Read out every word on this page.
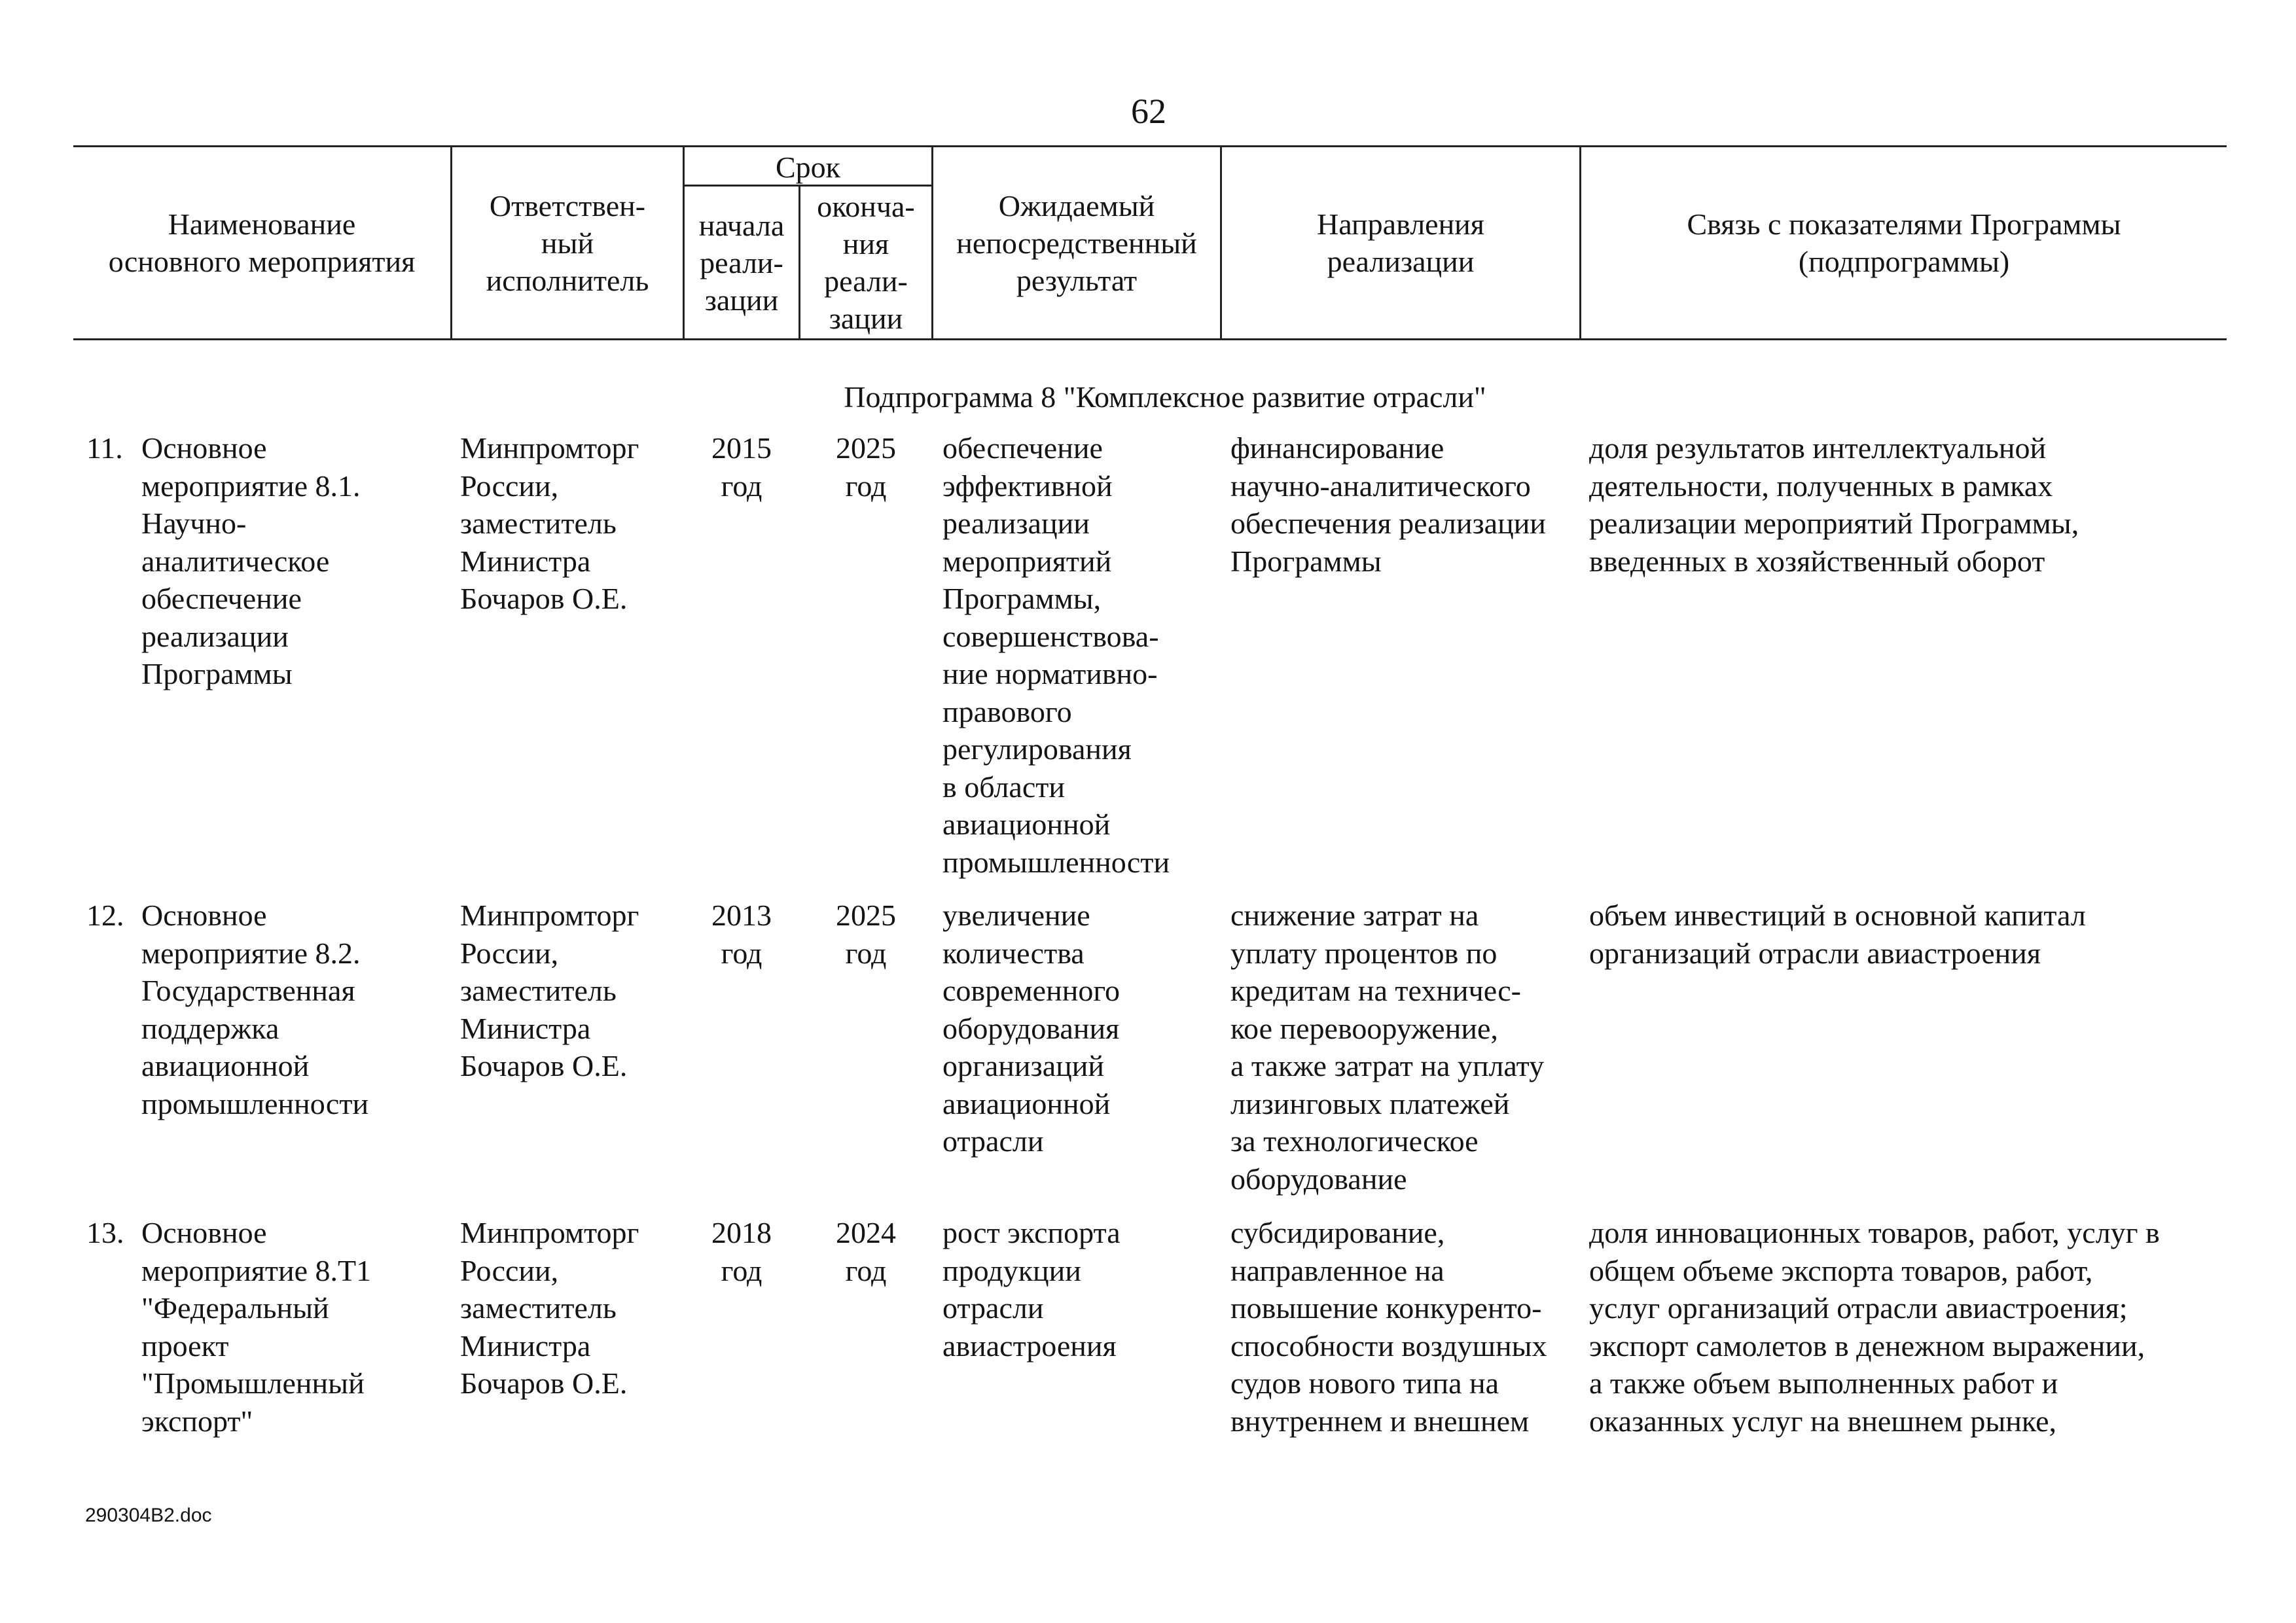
62
Наименование
основного мероприятия
Ответствен-
ный
исполнитель
Срок
начала
реали-
зации
оконча-
ния
реали-
зации
Ожидаемый
непосредственный
результат
Направления
реализации
Связь с показателями Программы
(подпрограммы)
Подпрограмма 8 "Комплексное развитие отрасли"
11. Основное
мероприятие 8.1.
Научно-
аналитическое
обеспечение
реализации
Программы
Минпромторг
России,
заместитель
Министра
Бочаров О.Е.
2015
год
2025
год
обеспечение
эффективной
реализации
мероприятий
Программы,
совершенствова-
ние нормативно-
правового
регулирования
в области
авиационной
промышленности
финансирование
научно-аналитического
обеспечения реализации
Программы
доля результатов интеллектуальной
деятельности, полученных в рамках
реализации мероприятий Программы,
введенных в хозяйственный оборот
12. Основное
мероприятие 8.2.
Государственная
поддержка
авиационной
промышленности
Минпромторг
России,
заместитель
Министра
Бочаров О.Е.
2013
год
2025
год
увеличение
количества
современного
оборудования
организаций
авиационной
отрасли
снижение затрат на
уплату процентов по
кредитам на техничес-
кое перевооружение,
а также затрат на уплату
лизинговых платежей
за технологическое
оборудование
объем инвестиций в основной капитал
организаций отрасли авиастроения
13. Основное
мероприятие 8.Т1
"Федеральный
проект
"Промышленный
экспорт"
Минпромторг
России,
заместитель
Министра
Бочаров О.Е.
2018
год
2024
год
рост экспорта
продукции
отрасли
авиастроения
субсидирование,
направленное на
повышение конкуренто-
способности воздушных
судов нового типа на
внутреннем и внешнем
доля инновационных товаров, работ, услуг в
общем объеме экспорта товаров, работ,
услуг организаций отрасли авиастроения;
экспорт самолетов в денежном выражении,
а также объем выполненных работ и
оказанных услуг на внешнем рынке,
290304В2.doc
